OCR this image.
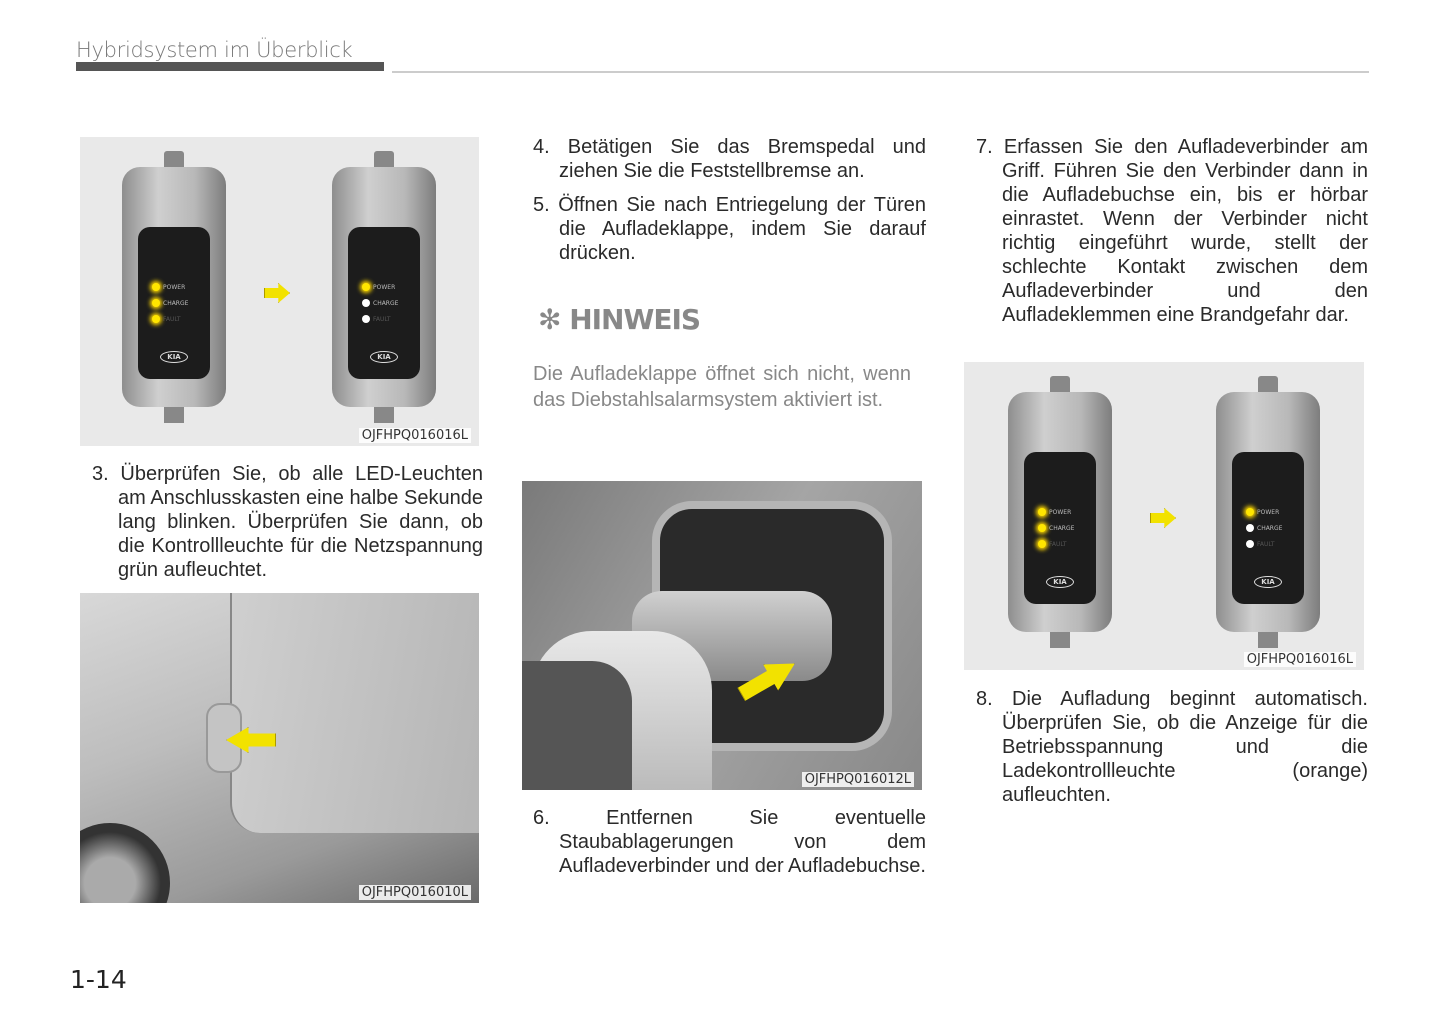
Hybridsystem im Überblick
POWER
CHARGE
FAULT
KIA
POWER
CHARGE
FAULT
KIA
OJFHPQ016016L
3. Überprüfen Sie, ob alle LED-Leuchten am Anschlusskasten eine halbe Sekunde lang blinken. Überprüfen Sie dann, ob die Kontrollleuchte für die Netzspannung grün aufleuchtet.
OJFHPQ016010L
4. Betätigen Sie das Bremspedal und ziehen Sie die Feststellbremse an.
5. Öffnen Sie nach Entriegelung der Türen die Aufladeklappe, indem Sie darauf drücken.
✻ HINWEIS
Die Aufladeklappe öffnet sich nicht, wenn das Diebstahlsalarmsystem aktiviert ist.
OJFHPQ016012L
6. Entfernen Sie eventuelle Staubablagerungen von dem Aufladeverbinder und der Aufladebuchse.
7. Erfassen Sie den Aufladeverbinder am Griff. Führen Sie den Verbinder dann in die Aufladebuchse ein, bis er hörbar einrastet. Wenn der Verbinder nicht richtig eingeführt wurde, stellt der schlechte Kontakt zwischen dem Aufladeverbinder und den Aufladeklemmen eine Brandgefahr dar.
POWER
CHARGE
FAULT
KIA
POWER
CHARGE
FAULT
KIA
OJFHPQ016016L
8. Die Aufladung beginnt automatisch. Überprüfen Sie, ob die Anzeige für die Betriebsspannung und die Ladekontrollleuchte (orange) aufleuchten.
1-14
